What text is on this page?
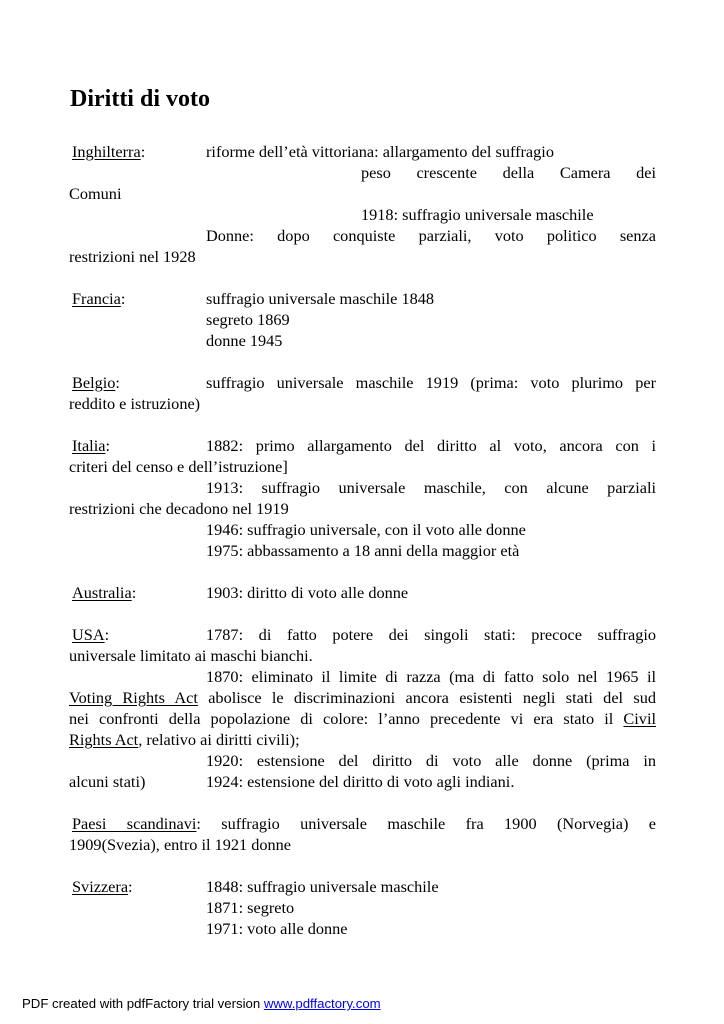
Diritti di voto
Inghilterra:	riforme dell’età vittoriana: allargamento del suffragio
peso crescente della Camera dei
Comuni
1918: suffragio universale maschile
Donne: dopo conquiste parziali, voto politico senza
restrizioni nel 1928
Francia:	suffragio universale maschile 1848
segreto 1869
donne 1945
Belgio:	suffragio universale maschile 1919 (prima: voto plurimo per
reddito e istruzione)
Italia:	1882: primo allargamento del diritto al voto, ancora con i
criteri del censo e dell’istruzione]
1913: suffragio universale maschile, con alcune parziali
restrizioni che decadono nel 1919
1946: suffragio universale, con il voto alle donne
1975: abbassamento a 18 anni della maggior età
Australia:	1903: diritto di voto alle donne
USA:	1787: di fatto potere dei singoli stati: precoce suffragio
universale limitato ai maschi bianchi.
1870: eliminato il limite di razza (ma di fatto solo nel 1965 il
Voting Rights Act abolisce le discriminazioni ancora esistenti negli stati del sud
nei confronti della popolazione di colore: l’anno precedente vi era stato il Civil
Rights Act, relativo ai diritti civili);
1920: estensione del diritto di voto alle donne (prima in
alcuni stati)	1924: estensione del diritto di voto agli indiani.
Paesi scandinavi: suffragio universale maschile fra 1900 (Norvegia) e
1909(Svezia), entro il 1921 donne
Svizzera:	1848: suffragio universale maschile
1871: segreto
1971: voto alle donne
PDF created with pdfFactory trial version www.pdffactory.com
